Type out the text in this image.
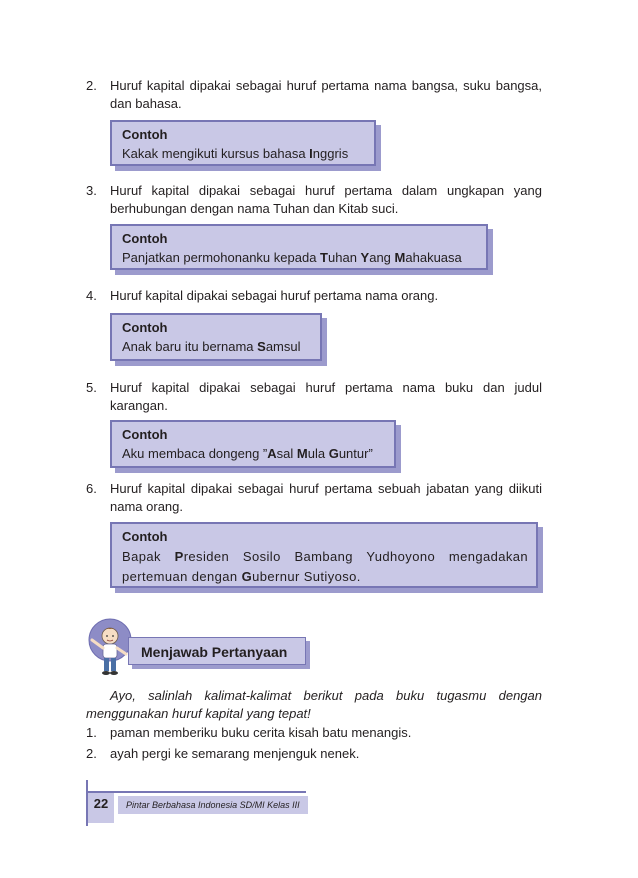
2.	Huruf kapital dipakai sebagai huruf pertama nama bangsa, suku bangsa, dan bahasa.
Contoh
Kakak mengikuti kursus bahasa Inggris
3.	Huruf kapital dipakai sebagai huruf pertama dalam ungkapan yang berhubungan dengan nama Tuhan dan Kitab suci.
Contoh
Panjatkan permohonanku kepada Tuhan Yang Mahakuasa
4.	Huruf kapital dipakai sebagai huruf pertama nama orang.
Contoh
Anak baru itu bernama Samsul
5.	Huruf kapital dipakai sebagai huruf pertama nama buku dan judul karangan.
Contoh
Aku membaca dongeng ”Asal Mula Guntur”
6.	Huruf kapital dipakai sebagai huruf pertama sebuah jabatan yang diikuti nama orang.
Contoh
Bapak Presiden Sosilo Bambang Yudhoyono mengadakan pertemuan dengan Gubernur Sutiyoso.
Menjawab Pertanyaan
Ayo, salinlah kalimat-kalimat berikut pada buku tugasmu dengan menggunakan huruf kapital yang tepat!
1. paman memberiku buku cerita kisah batu menangis.
2. ayah pergi ke semarang menjenguk nenek.
22	Pintar Berbahasa Indonesia SD/MI Kelas III
